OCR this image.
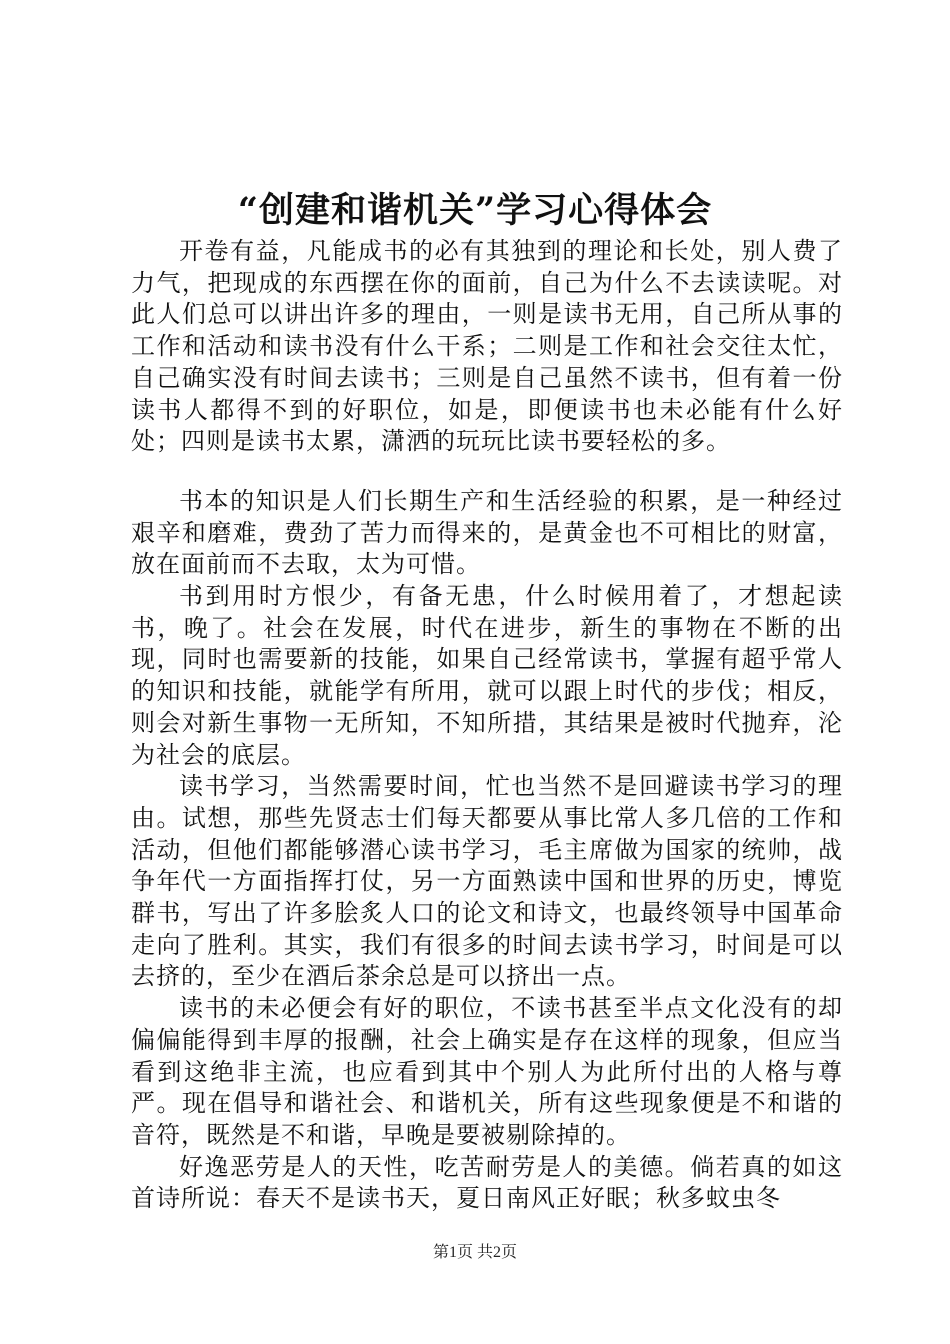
“创建和谐机关”学习心得体会

开卷有益，凡能成书的必有其独到的理论和长处，别人费了力气，把现成的东西摆在你的面前，自己为什么不去读读呢。对此人们总可以讲出许多的理由，一则是读书无用，自己所从事的工作和活动和读书没有什么干系；二则是工作和社会交往太忙，自己确实没有时间去读书；三则是自己虽然不读书，但有着一份读书人都得不到的好职位，如是，即便读书也未必能有什么好处；四则是读书太累，潇洒的玩玩比读书要轻松的多。

书本的知识是人们长期生产和生活经验的积累，是一种经过艰辛和磨难，费劲了苦力而得来的，是黄金也不可相比的财富，放在面前而不去取，太为可惜。

书到用时方恨少，有备无患，什么时候用着了，才想起读书，晚了。社会在发展，时代在进步，新生的事物在不断的出现，同时也需要新的技能，如果自己经常读书，掌握有超乎常人的知识和技能，就能学有所用，就可以跟上时代的步伐；相反，则会对新生事物一无所知，不知所措，其结果是被时代抛弃，沦为社会的底层。

读书学习，当然需要时间，忙也当然不是回避读书学习的理由。试想，那些先贤志士们每天都要从事比常人多几倍的工作和活动，但他们都能够潜心读书学习，毛主席做为国家的统帅，战争年代一方面指挥打仗，另一方面熟读中国和世界的历史，博览群书，写出了许多脍炙人口的论文和诗文，也最终领导中国革命走向了胜利。其实，我们有很多的时间去读书学习，时间是可以去挤的，至少在酒后茶余总是可以挤出一点。

读书的未必便会有好的职位，不读书甚至半点文化没有的却偏偏能得到丰厚的报酬，社会上确实是存在这样的现象，但应当看到这绝非主流，也应看到其中个别人为此所付出的人格与尊严。现在倡导和谐社会、和谐机关，所有这些现象便是不和谐的音符，既然是不和谐，早晚是要被剔除掉的。

好逸恶劳是人的天性，吃苦耐劳是人的美德。倘若真的如这首诗所说：春天不是读书天，夏日南风正好眠；秋多蚊虫冬

第1页 共2页
